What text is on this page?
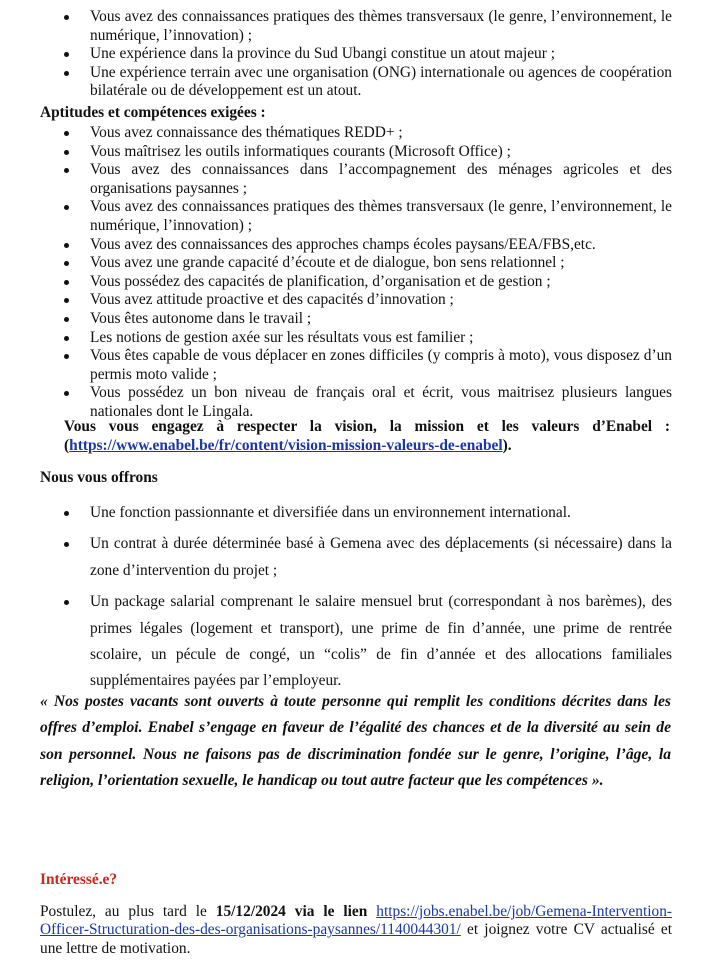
Vous avez des connaissances pratiques des thèmes transversaux (le genre, l’environnement, le numérique, l’innovation) ;
Une expérience dans la province du Sud Ubangi constitue un atout majeur ;
Une expérience terrain avec une organisation (ONG) internationale ou agences de coopération bilatérale ou de développement est un atout.
Aptitudes et compétences exigées :
Vous avez connaissance des thématiques REDD+ ;
Vous maîtrisez les outils informatiques courants (Microsoft Office) ;
Vous avez des connaissances dans l’accompagnement des ménages agricoles et des organisations paysannes ;
Vous avez des connaissances pratiques des thèmes transversaux (le genre, l’environnement, le numérique, l’innovation) ;
Vous avez des connaissances des approches champs écoles paysans/EEA/FBS,etc.
Vous avez une grande capacité d’écoute et de dialogue, bon sens relationnel ;
Vous possédez des capacités de planification, d’organisation et de gestion ;
Vous avez attitude proactive et des capacités d’innovation ;
Vous êtes autonome dans le travail ;
Les notions de gestion axée sur les résultats vous est familier ;
Vous êtes capable de vous déplacer en zones difficiles (y compris à moto), vous disposez d’un permis moto valide ;
Vous possédez un bon niveau de français oral et écrit, vous maitrisez plusieurs langues nationales dont le Lingala.
Vous vous engagez à respecter la vision, la mission et les valeurs d’Enabel :(https://www.enabel.be/fr/content/vision-mission-valeurs-de-enabel).
Nous vous offrons
Une fonction passionnante et diversifiée dans un environnement international.
Un contrat à durée déterminée basé à Gemena avec des déplacements (si nécessaire) dans la zone d’intervention du projet ;
Un package salarial comprenant le salaire mensuel brut (correspondant à nos barèmes), des primes légales (logement et transport), une prime de fin d’année, une prime de rentrée scolaire, un pécule de congé, un “colis” de fin d’année et des allocations familiales supplémentaires payées par l’employeur.
« Nos postes vacants sont ouverts à toute personne qui remplit les conditions décrites dans les offres d’emploi. Enabel s’engage en faveur de l’égalité des chances et de la diversité au sein de son personnel. Nous ne faisons pas de discrimination fondée sur le genre, l’origine, l’âge, la religion, l’orientation sexuelle, le handicap ou tout autre facteur que les compétences ».
Intéressé.e?
Postulez, au plus tard le 15/12/2024 via le lien https://jobs.enabel.be/job/Gemena-Intervention-Officer-Structuration-des-des-organisations-paysannes/1140044301/ et joignez votre CV actualisé et une lettre de motivation.
